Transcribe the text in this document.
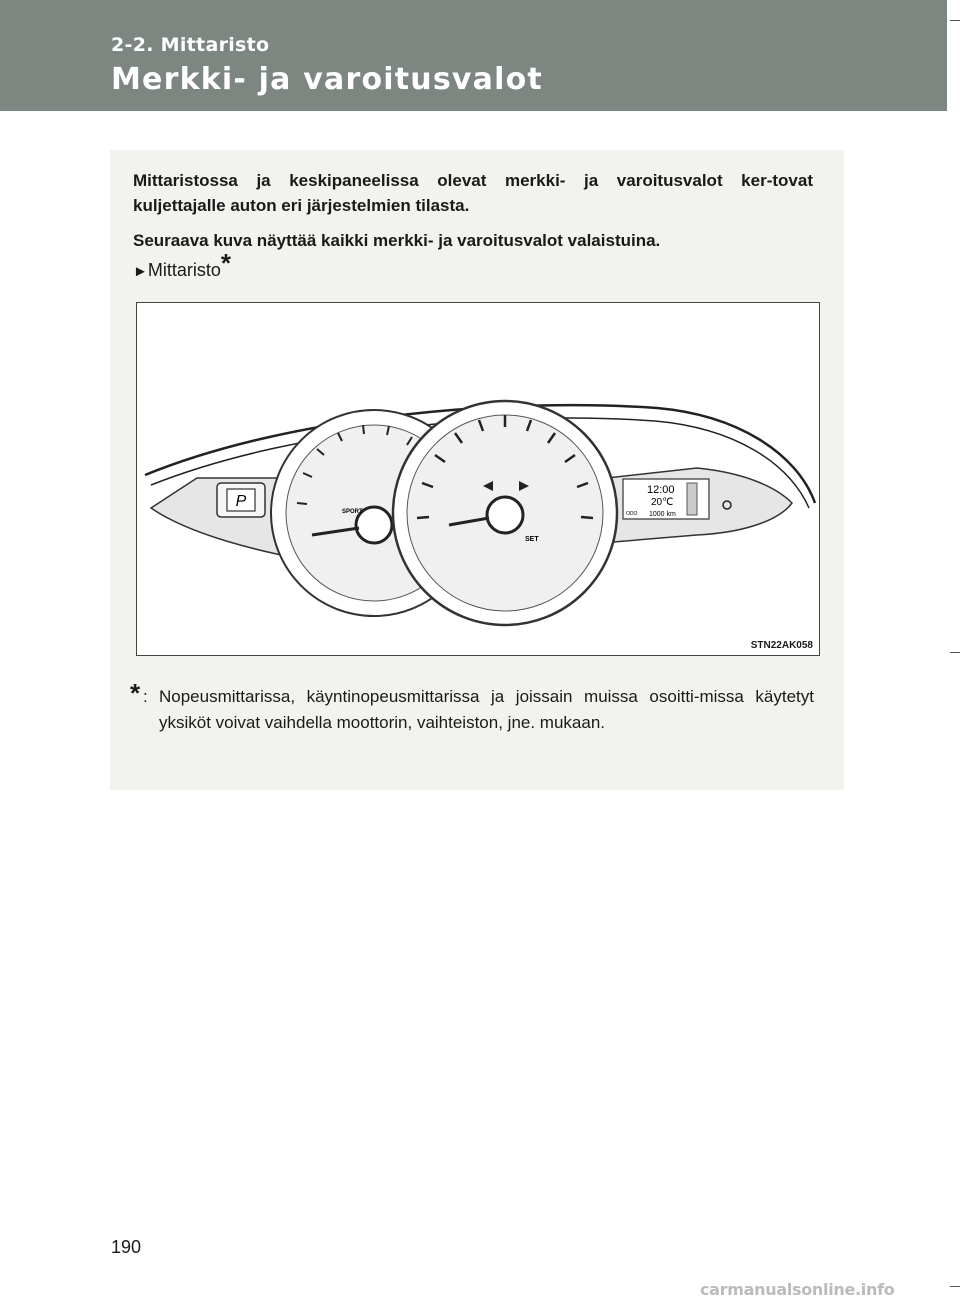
2-2. Mittaristo
Merkki- ja varoitusvalot
Mittaristossa ja keskipaneelissa olevat merkki- ja varoitusvalot ker-tovat kuljettajalle auton eri järjestelmien tilasta.
Seuraava kuva näyttää kaikki merkki- ja varoitusvalot valaistuina.
►Mittaristo*
P
SPORT
SET
12:00
20℃
ODO 1000 km
STN22AK058
* : Nopeusmittarissa, käyntinopeusmittarissa ja joissain muissa osoitti-missa käytetyt yksiköt voivat vaihdella moottorin, vaihteiston, jne. mukaan.
190
carmanualsonline.info
